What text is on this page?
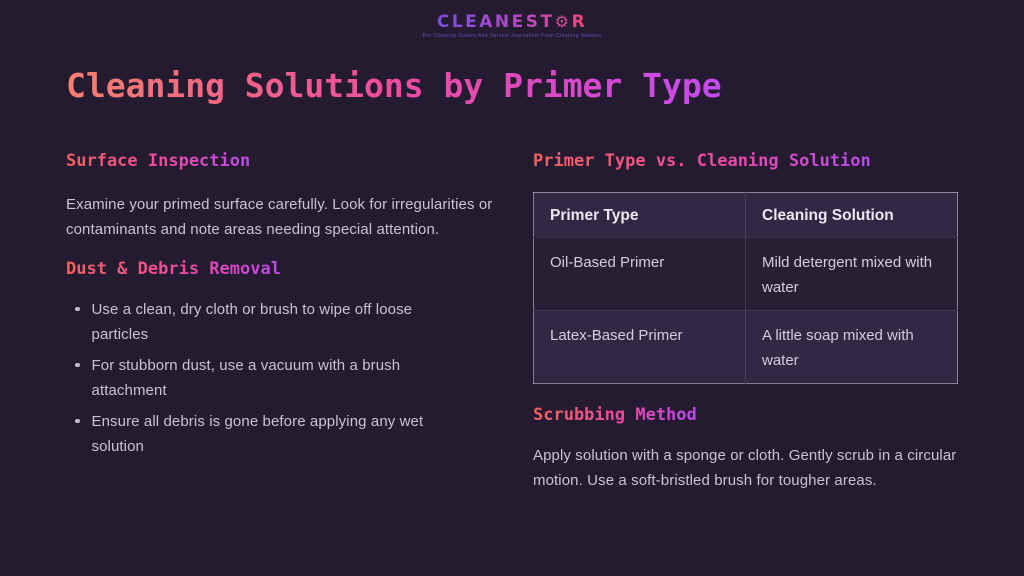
CLEANEST⚙R
Pro Cleaning Guides And Service Journalism From Cleaning Masters
Cleaning Solutions by Primer Type
Surface Inspection

Examine your primed surface carefully. Look for irregularities or contaminants and note areas needing special attention.

Dust & Debris Removal
Use a clean, dry cloth or brush to wipe off loose particles
For stubborn dust, use a vacuum with a brush attachment
Ensure all debris is gone before applying any wet solution
Primer Type vs. Cleaning Solution
Primer Type	Cleaning Solution
Oil-Based Primer	Mild detergent mixed with water
Latex-Based Primer	A little soap mixed with water
Scrubbing Method

Apply solution with a sponge or cloth. Gently scrub in a circular motion. Use a soft-bristled brush for tougher areas.
